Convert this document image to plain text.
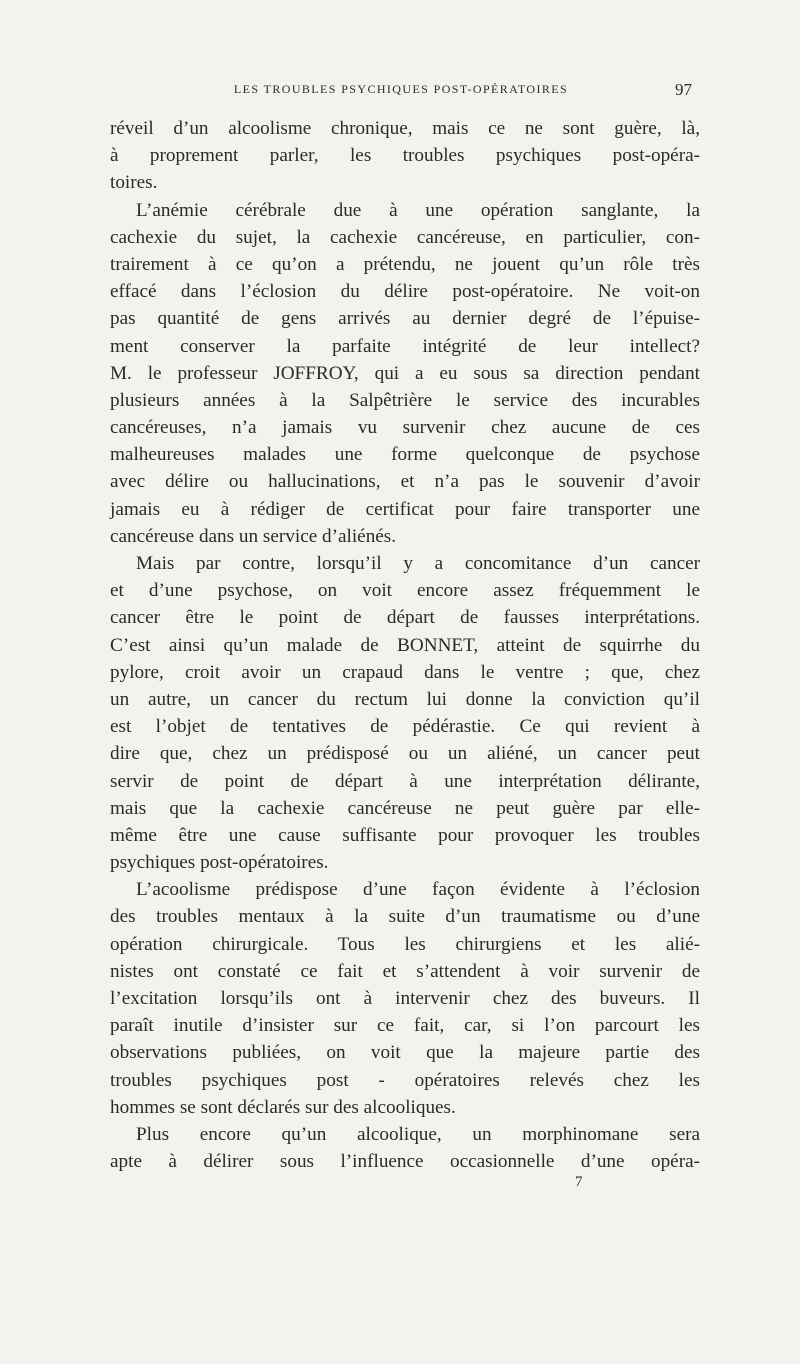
LES TROUBLES PSYCHIQUES POST-OPÉRATOIRES	97
réveil d’un alcoolisme chronique, mais ce ne sont guère, là,
à proprement parler, les troubles psychiques post-opéra-
toires.
L’anémie cérébrale due à une opération sanglante, la
cachexie du sujet, la cachexie cancéreuse, en particulier, con-
trairement à ce qu’on a prétendu, ne jouent qu’un rôle très
effacé dans l’éclosion du délire post-opératoire. Ne voit-on
pas quantité de gens arrivés au dernier degré de l’épuise-
ment conserver la parfaite intégrité de leur intellect?
M. le professeur JOFFROY, qui a eu sous sa direction pendant
plusieurs années à la Salpêtrière le service des incurables
cancéreuses, n’a jamais vu survenir chez aucune de ces
malheureuses malades une forme quelconque de psychose
avec délire ou hallucinations, et n’a pas le souvenir d’avoir
jamais eu à rédiger de certificat pour faire transporter une
cancéreuse dans un service d’aliénés.
Mais par contre, lorsqu’il y a concomitance d’un cancer
et d’une psychose, on voit encore assez fréquemment le
cancer être le point de départ de fausses interprétations.
C’est ainsi qu’un malade de BONNET, atteint de squirrhe du
pylore, croit avoir un crapaud dans le ventre ; que, chez
un autre, un cancer du rectum lui donne la conviction qu’il
est l’objet de tentatives de pédérastie. Ce qui revient à
dire que, chez un prédisposé ou un aliéné, un cancer peut
servir de point de départ à une interprétation délirante,
mais que la cachexie cancéreuse ne peut guère par elle-
même être une cause suffisante pour provoquer les troubles
psychiques post-opératoires.
L’acoolisme prédispose d’une façon évidente à l’éclosion
des troubles mentaux à la suite d’un traumatisme ou d’une
opération chirurgicale. Tous les chirurgiens et les alié-
nistes ont constaté ce fait et s’attendent à voir survenir de
l’excitation lorsqu’ils ont à intervenir chez des buveurs. Il
paraît inutile d’insister sur ce fait, car, si l’on parcourt les
observations publiées, on voit que la majeure partie des
troubles psychiques post - opératoires relevés chez les
hommes se sont déclarés sur des alcooliques.
Plus encore qu’un alcoolique, un morphinomane sera
apte à délirer sous l’influence occasionnelle d’une opéra-
7
